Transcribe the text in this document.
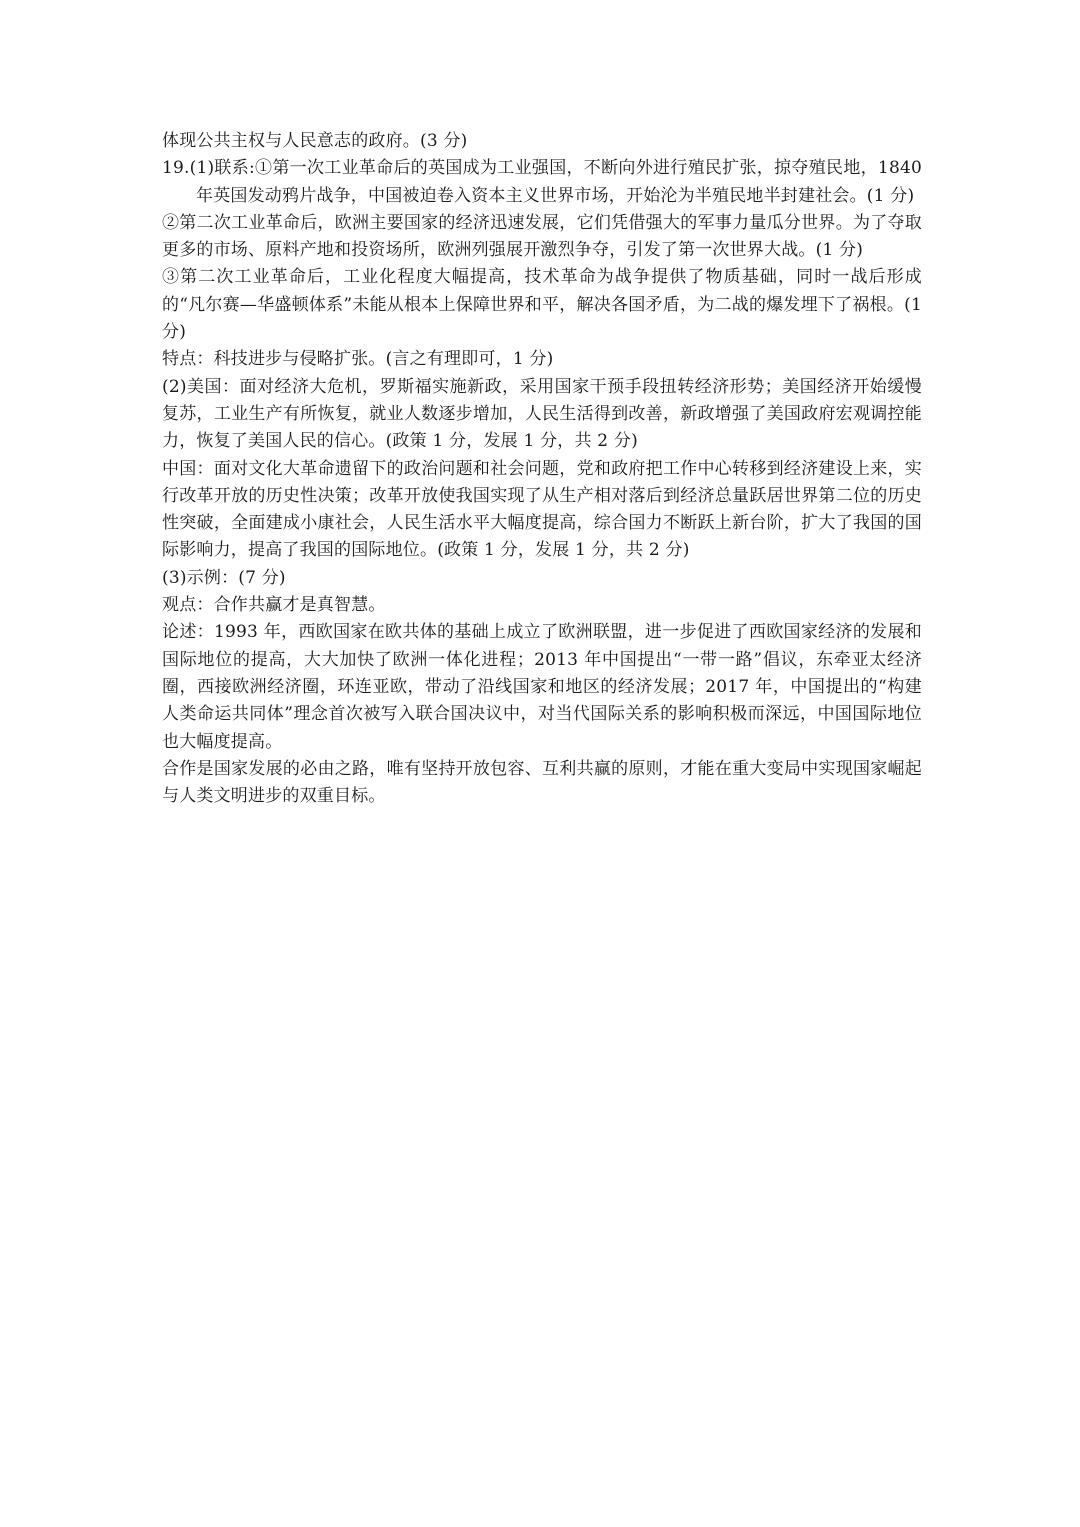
体现公共主权与人民意志的政府。(3 分)

19.(1)联系:①第一次工业革命后的英国成为工业强国，不断向外进行殖民扩张，掠夺殖民地，1840 年英国发动鸦片战争，中国被迫卷入资本主义世界市场，开始沦为半殖民地半封建社会。(1 分)

②第二次工业革命后，欧洲主要国家的经济迅速发展，它们凭借强大的军事力量瓜分世界。为了夺取更多的市场、原料产地和投资场所，欧洲列强展开激烈争夺，引发了第一次世界大战。(1 分)

③第二次工业革命后，工业化程度大幅提高，技术革命为战争提供了物质基础，同时一战后形成的“凡尔赛—华盛顿体系”未能从根本上保障世界和平，解决各国矛盾，为二战的爆发埋下了祸根。(1 分)

特点：科技进步与侵略扩张。(言之有理即可，1 分)

(2)美国：面对经济大危机，罗斯福实施新政，采用国家干预手段扭转经济形势；美国经济开始缓慢复苏，工业生产有所恢复，就业人数逐步增加，人民生活得到改善，新政增强了美国政府宏观调控能力，恢复了美国人民的信心。(政策 1 分，发展 1 分，共 2 分)

中国：面对文化大革命遗留下的政治问题和社会问题，党和政府把工作中心转移到经济建设上来，实行改革开放的历史性决策；改革开放使我国实现了从生产相对落后到经济总量跃居世界第二位的历史性突破，全面建成小康社会，人民生活水平大幅度提高，综合国力不断跃上新台阶，扩大了我国的国际影响力，提高了我国的国际地位。(政策 1 分，发展 1 分，共 2 分)

(3)示例：(7 分)

观点：合作共赢才是真智慧。

论述：1993 年，西欧国家在欧共体的基础上成立了欧洲联盟，进一步促进了西欧国家经济的发展和国际地位的提高，大大加快了欧洲一体化进程；2013 年中国提出“一带一路”倡议，东牵亚太经济圈，西接欧洲经济圈，环连亚欧，带动了沿线国家和地区的经济发展；2017 年，中国提出的“构建人类命运共同体”理念首次被写入联合国决议中，对当代国际关系的影响积极而深远，中国国际地位也大幅度提高。

合作是国家发展的必由之路，唯有坚持开放包容、互利共赢的原则，才能在重大变局中实现国家崛起与人类文明进步的双重目标。
